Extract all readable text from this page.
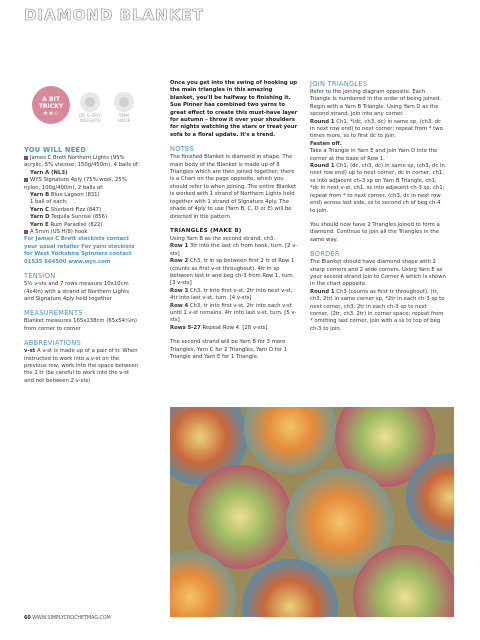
DIAMOND BLANKET
A BIT
TRICKY
★★☆	DK & 4PLY
WEIGHTS
5MM
HOOK
YOU WILL NEED

James C Brett Northern Lights (95% acrylic, 5% viscose, 150g/450m), 4 balls of:

Yarn A (NL3)

WYS Signature 4ply (75% wool, 25% nylon, 100g/400m), 2 balls of:

Yarn B Blue Lagoon (831)

1 ball of each:

Yarn C Sherbert Fizz (847)

Yarn D Tequila Sunrise (856)

Yarn E Rum Paradise (822)

A 5mm (US H/8) hook

For James C Brett stockists contact your usual retailer For yarn stockists for West Yorkshire Spinners contact 01535 664500 www.wys.com

TENSION

5½ v-sts and 7 rows measure 10x10cm (4x4in) with a strand of Northern Lights and Signature 4ply held together

MEASUREMENTS

Blanket measures 165x138cm (65x54¼in) from corner to corner

ABBREVIATIONS

v-st A v-st is made up of a pair of tr. When instructed to work into a v-st on the previous row, work into the space between the 2 tr (be careful to work into the v-st and not between 2 v-sts)

Once you get into the swing of hooking up the main triangles in this amazing blanket, you'll be halfway to finishing it. Sue Pinner has combined two yarns to great effect to create this must-have layer for autumn – throw it over your shoulders for nights watching the stars or treat your sofa to a floral update. It's a trend.

NOTES

The finished Blanket is diamond in shape. The main body of the Blanket is made up of 8 Triangles which are then joined together; there is a Chart on the page opposite, which you should refer to when joining. The entire Blanket is worked with 1 strand of Northern Lights held together with 1 strand of Signature 4ply. The shade of 4ply to use (Yarn B, C, D or E) will be directed in the pattern.

TRIANGLES (MAKE 8)

Using Yarn B as the second strand, ch3.

Row 1 3tr into the last ch from hook, turn. [2 v-sts]

Row 2 Ch3, tr in sp between first 2 tr of Row 1 (counts as first v-st throughout), 4tr in sp between last tr and beg ch-3 from Row 1, turn. [3 v-sts]

Row 3 Ch3, tr into first v-st, 2tr into next v-st, 4tr into last v-st, turn. [4 v-sts]

Row 4 Ch3, tr into first v-st, 2tr into each v-st until 1 v-st remains, 4tr into last v-st, turn. [5 v-sts]

Rows 5-27 Repeat Row 4. [28 v-sts]

The second strand will be Yarn B for 3 more Triangles, Yarn C for 2 Triangles, Yarn D for 1 Triangle and Yarn E for 1 Triangle.

JOIN TRIANGLES

Refer to the joining diagram opposite. Each Triangle is numbered in the order of being joined.

Begin with a Yarn B Triangle. Using Yarn D as the second strand, join into any corner.

Round 1 Ch1, *(dc, ch3, dc) in same sp, (ch3, dc in next row end) to next corner; repeat from * two times more, ss to first dc to join.

Fasten off.

Take a Triangle in Yarn E and join Yarn D into the corner at the base of Row 1.

Round 1 Ch1, (dc, ch3, dc) in same sp, (ch3, dc in next row end) up to next corner, dc in corner, ch1, ss into adjacent ch-3 sp on Yarn B Triangle, ch1, *dc in next v-st, ch1, ss into adjacent ch-3 sp, ch1; repeat from * to next corner, (ch3, dc in next row end) across last side, ss to second ch of beg ch-4 to join.

You should now have 2 Triangles joined to form a diamond. Continue to join all the Triangles in the same way.

BORDER

The Blanket should have diamond shape with 2 sharp corners and 2 wide corners. Using Yarn E as your second strand join to Corner A which is shown in the chart opposite.

Round 1 Ch3 (counts as first tr throughout), (tr, ch3, 2tr) in same corner sp, *2tr in each ch-3 sp to next corner, ch3, 2tr in each ch-3 sp to next corner, (2tr, ch3, 2tr) in corner space; repeat from * omitting last corner, join with a ss to top of beg ch-3 to join.

60 WWW.SIMPLYCROCHETMAG.COM
